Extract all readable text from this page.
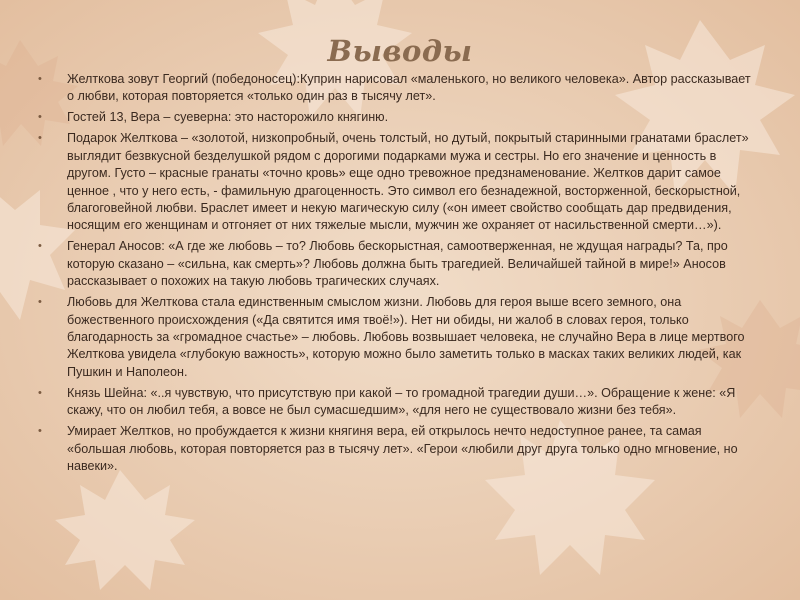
Выводы
• Желткова зовут Георгий (победоносец):Куприн нарисовал «маленького, но великого человека». Автор рассказывает о любви, которая повторяется «только один раз в тысячу лет».
• Гостей 13, Вера – суеверна: это насторожило княгиню.
• Подарок Желткова – «золотой, низкопробный, очень толстый, но дутый, покрытый старинными гранатами браслет» выглядит безвкусной безделушкой рядом с дорогими подарками мужа и сестры. Но его значение и ценность в другом. Густо – красные гранаты «точно кровь» еще одно тревожное предзнаменование. Желтков дарит самое ценное , что у него есть, - фамильную драгоценность. Это символ его безнадежной, восторженной, бескорыстной, благоговейной любви. Браслет имеет и некую магическую силу («он имеет свойство сообщать дар предвидения, носящим его женщинам и отгоняет от них тяжелые мысли, мужчин же охраняет от насильственной смерти…»).
• Генерал Аносов: «А где же любовь – то? Любовь бескорыстная, самоотверженная, не ждущая награды? Та, про которую сказано – «сильна, как смерть»? Любовь должна быть трагедией. Величайшей тайной в мире!» Аносов рассказывает о похожих на такую любовь трагических случаях.
• Любовь для Желткова стала единственным смыслом жизни. Любовь для героя выше всего земного, она божественного происхождения («Да святится имя твоё!»). Нет ни обиды, ни жалоб в словах героя, только благодарность за «громадное счастье» – любовь. Любовь возвышает человека, не случайно Вера в лице мертвого Желткова увидела «глубокую важность», которую можно было заметить только в масках таких великих людей, как Пушкин и Наполеон.
• Князь Шейна: «..я чувствую, что присутствую при какой – то громадной трагедии души…». Обращение к жене: «Я скажу, что он любил тебя, а вовсе не был сумасшедшим», «для него не существовало жизни без тебя».
• Умирает Желтков, но пробуждается к жизни княгиня вера, ей открылось нечто недоступное ранее, та самая «большая любовь, которая повторяется раз в тысячу лет». «Герои «любили друг друга только одно мгновение, но навеки».
